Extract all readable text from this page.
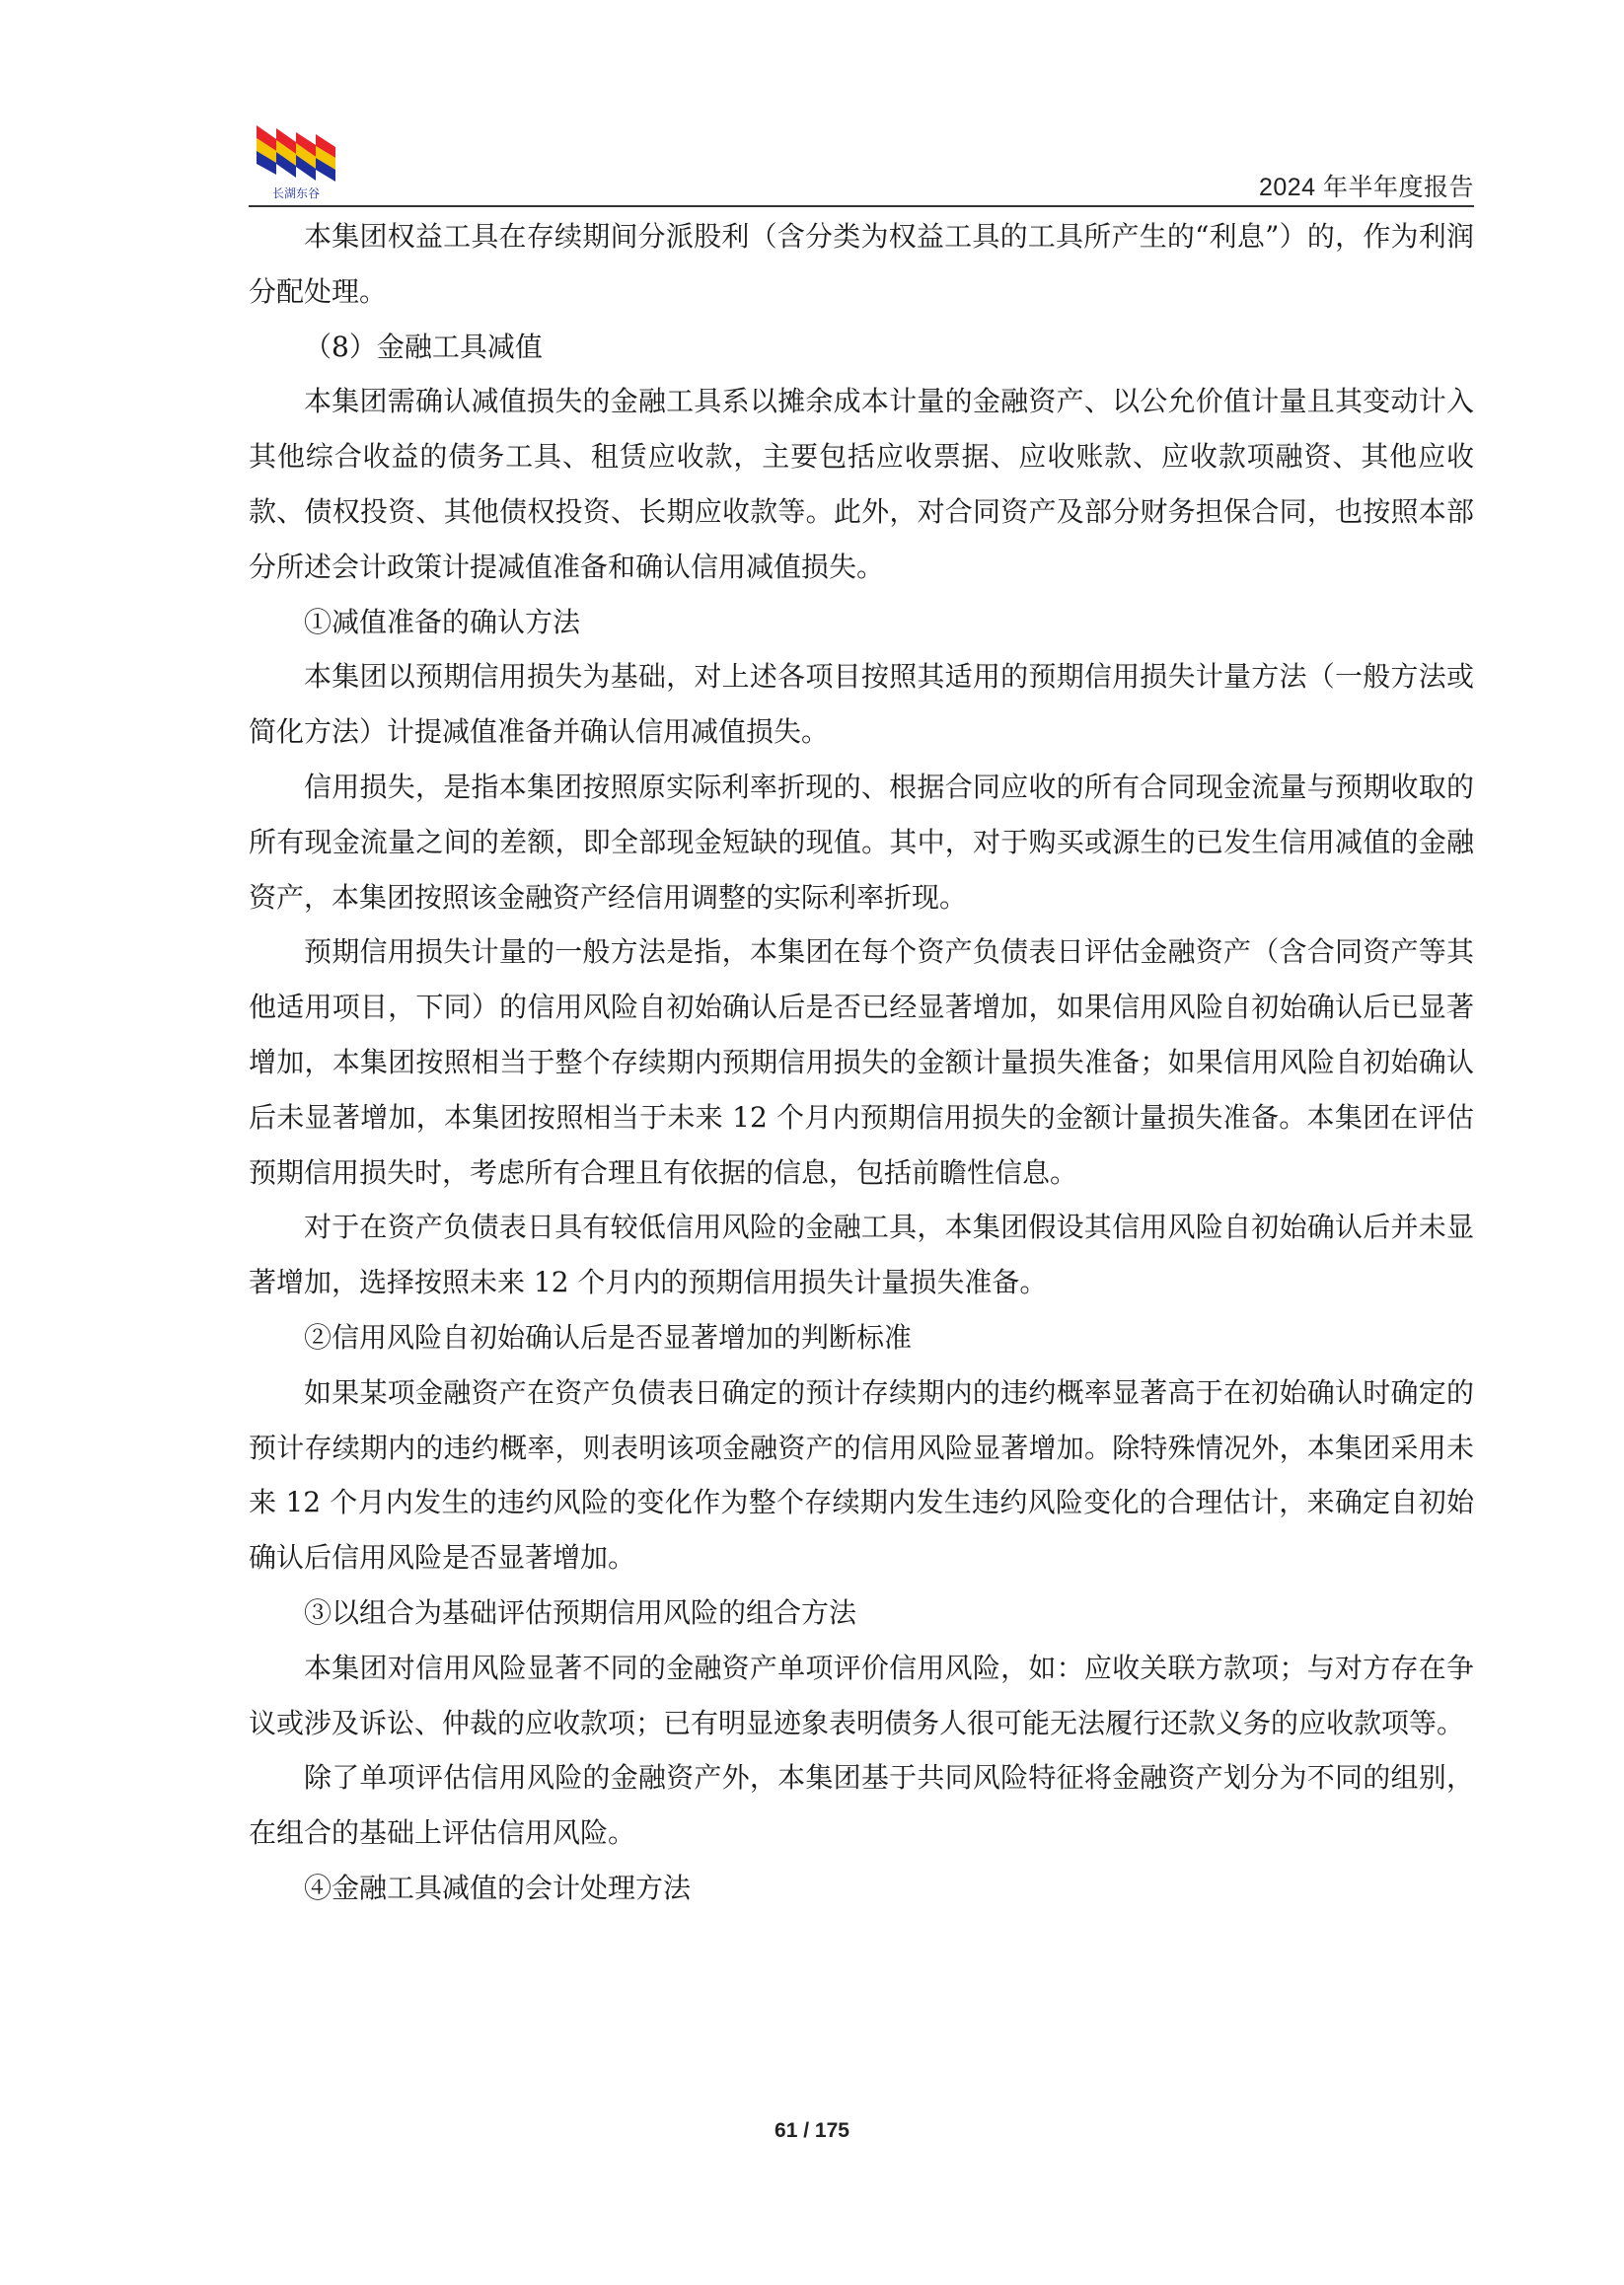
长湖东谷	2024 年半年度报告

本集团权益工具在存续期间分派股利（含分类为权益工具的工具所产生的“利息”）的，作为利润分配处理。

（8）金融工具减值

本集团需确认减值损失的金融工具系以摊余成本计量的金融资产、以公允价值计量且其变动计入其他综合收益的债务工具、租赁应收款，主要包括应收票据、应收账款、应收款项融资、其他应收款、债权投资、其他债权投资、长期应收款等。此外，对合同资产及部分财务担保合同，也按照本部分所述会计政策计提减值准备和确认信用减值损失。

①减值准备的确认方法

本集团以预期信用损失为基础，对上述各项目按照其适用的预期信用损失计量方法（一般方法或简化方法）计提减值准备并确认信用减值损失。

信用损失，是指本集团按照原实际利率折现的、根据合同应收的所有合同现金流量与预期收取的所有现金流量之间的差额，即全部现金短缺的现值。其中，对于购买或源生的已发生信用减值的金融资产，本集团按照该金融资产经信用调整的实际利率折现。

预期信用损失计量的一般方法是指，本集团在每个资产负债表日评估金融资产（含合同资产等其他适用项目，下同）的信用风险自初始确认后是否已经显著增加，如果信用风险自初始确认后已显著增加，本集团按照相当于整个存续期内预期信用损失的金额计量损失准备；如果信用风险自初始确认后未显著增加，本集团按照相当于未来 12 个月内预期信用损失的金额计量损失准备。本集团在评估预期信用损失时，考虑所有合理且有依据的信息，包括前瞻性信息。

对于在资产负债表日具有较低信用风险的金融工具，本集团假设其信用风险自初始确认后并未显著增加，选择按照未来 12 个月内的预期信用损失计量损失准备。

②信用风险自初始确认后是否显著增加的判断标准

如果某项金融资产在资产负债表日确定的预计存续期内的违约概率显著高于在初始确认时确定的预计存续期内的违约概率，则表明该项金融资产的信用风险显著增加。除特殊情况外，本集团采用未来 12 个月内发生的违约风险的变化作为整个存续期内发生违约风险变化的合理估计，来确定自初始确认后信用风险是否显著增加。

③以组合为基础评估预期信用风险的组合方法

本集团对信用风险显著不同的金融资产单项评价信用风险，如：应收关联方款项；与对方存在争议或涉及诉讼、仲裁的应收款项；已有明显迹象表明债务人很可能无法履行还款义务的应收款项等。

除了单项评估信用风险的金融资产外，本集团基于共同风险特征将金融资产划分为不同的组别，在组合的基础上评估信用风险。

④金融工具减值的会计处理方法

61 / 175
